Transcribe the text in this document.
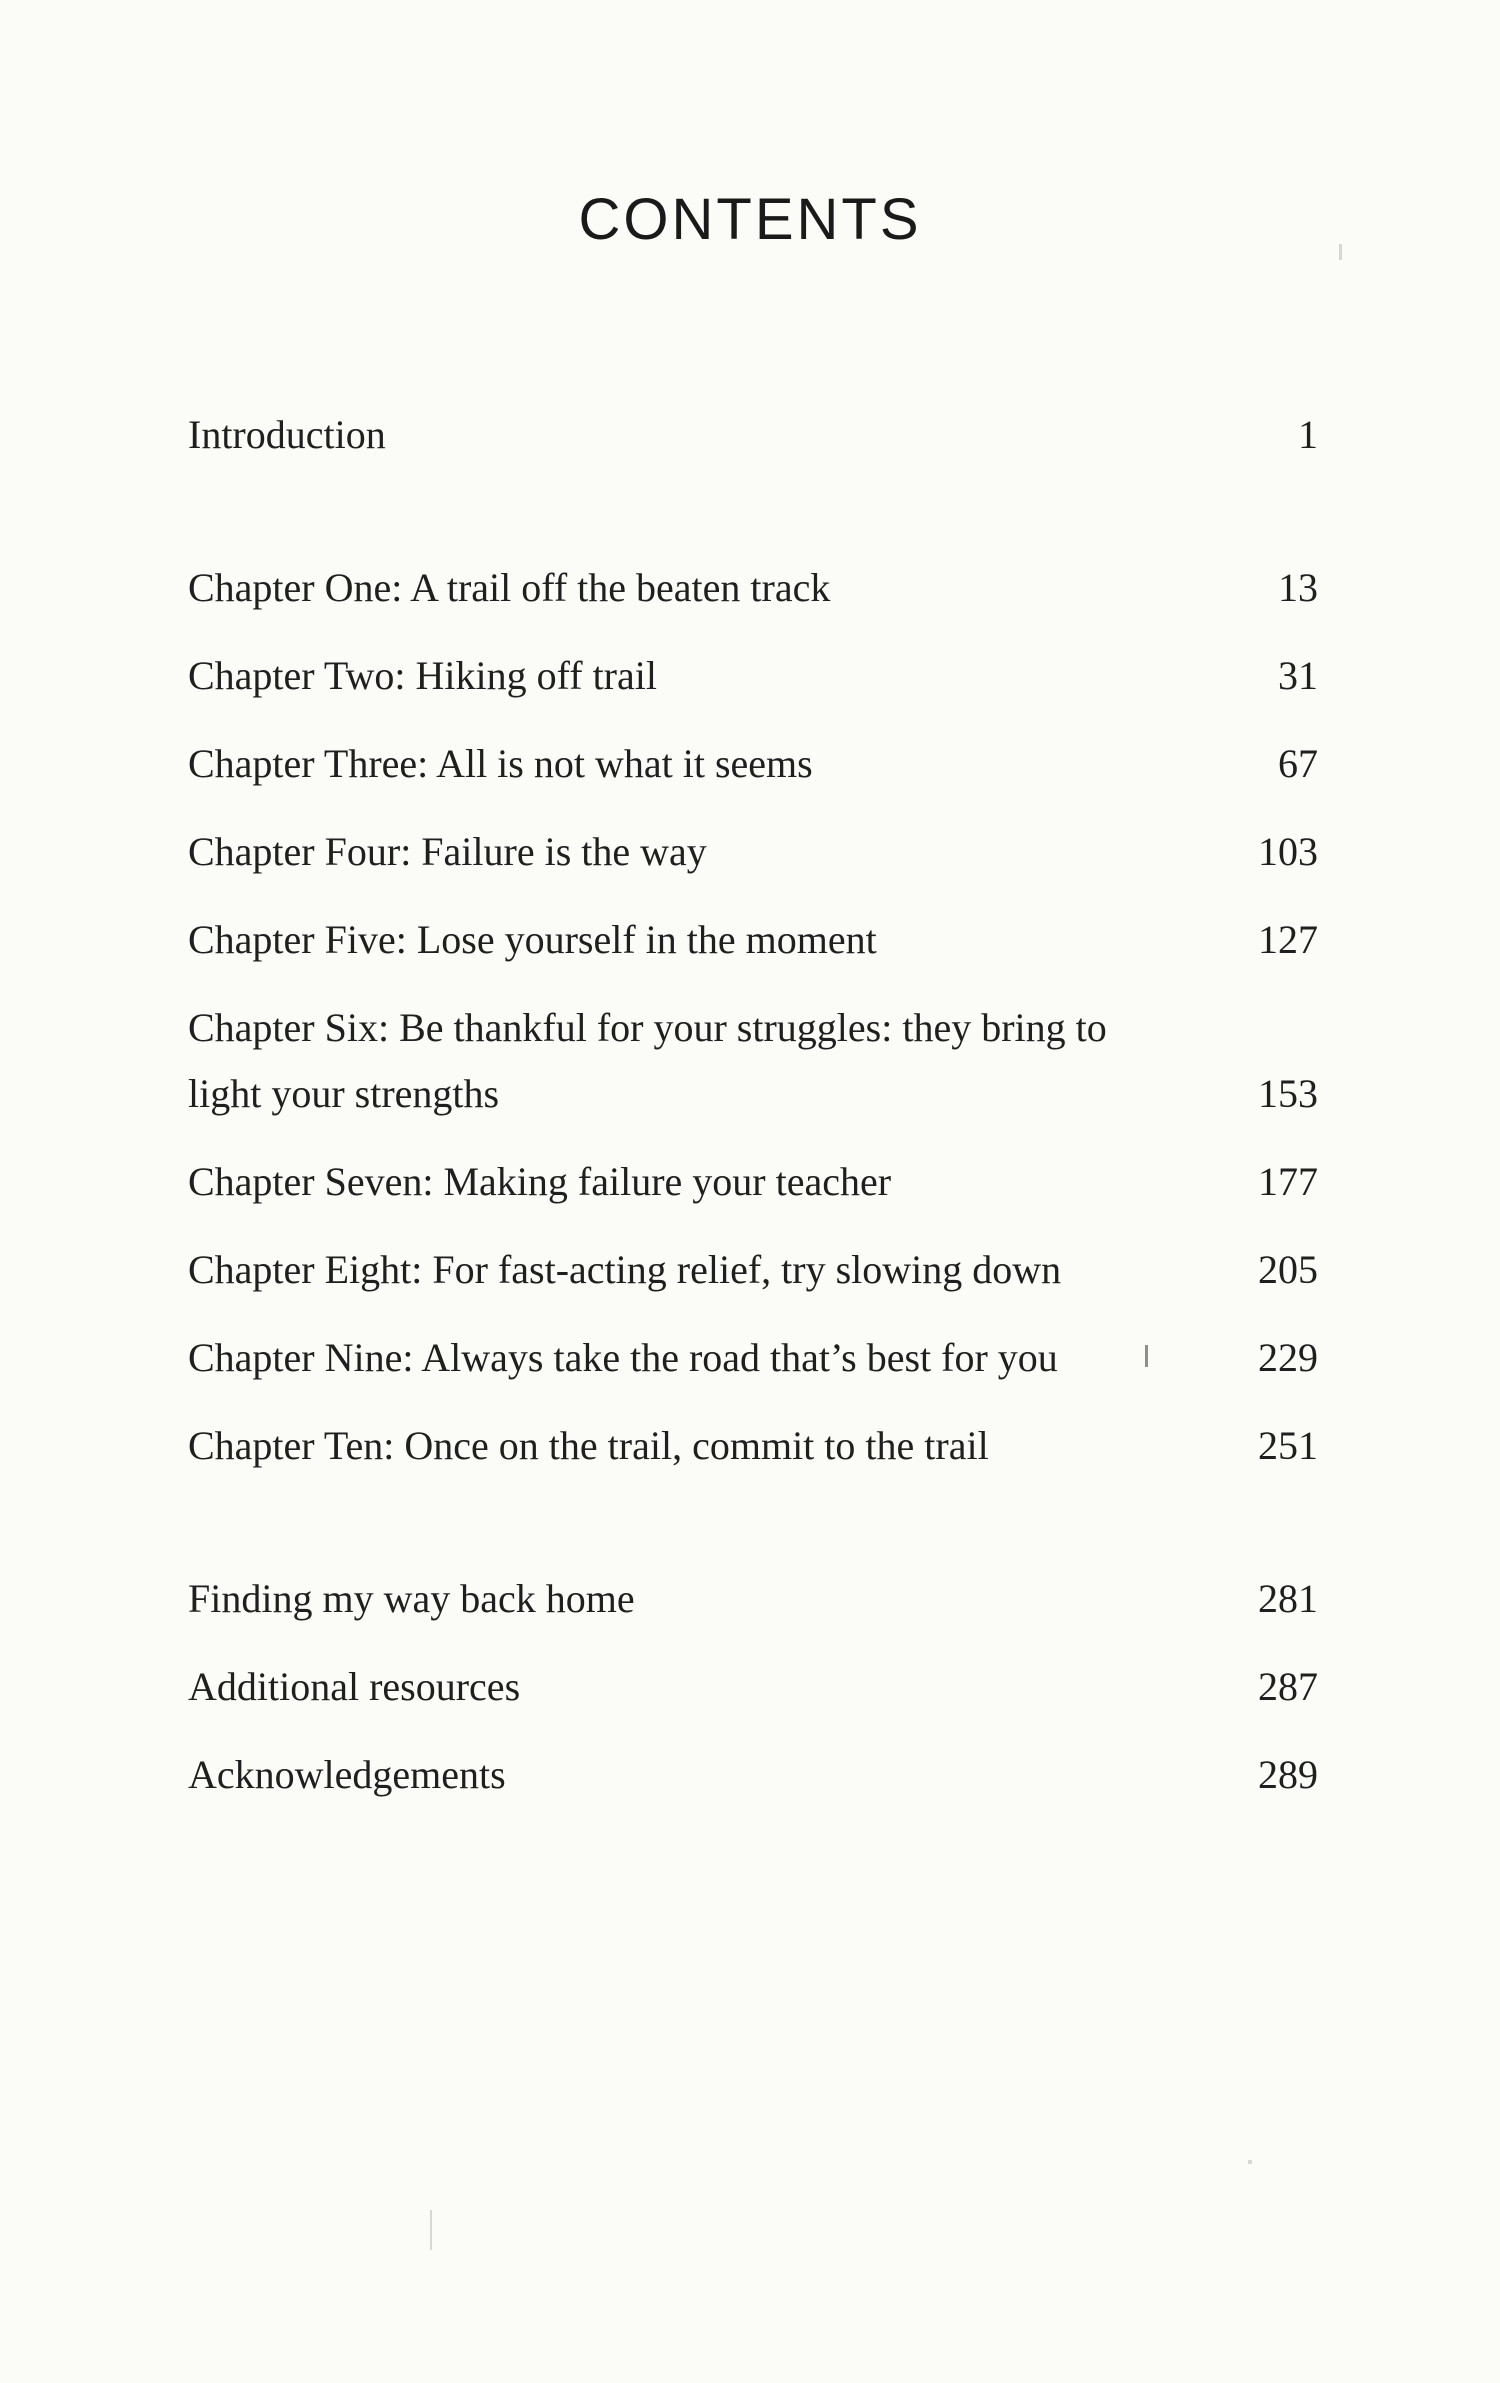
CONTENTS
Introduction	1
Chapter One: A trail off the beaten track	13
Chapter Two: Hiking off trail	31
Chapter Three: All is not what it seems	67
Chapter Four: Failure is the way	103
Chapter Five: Lose yourself in the moment	127
Chapter Six: Be thankful for your struggles: they bring to light your strengths	153
Chapter Seven: Making failure your teacher	177
Chapter Eight: For fast-acting relief, try slowing down	205
Chapter Nine: Always take the road that’s best for you	229
Chapter Ten: Once on the trail, commit to the trail	251
Finding my way back home	281
Additional resources	287
Acknowledgements	289
